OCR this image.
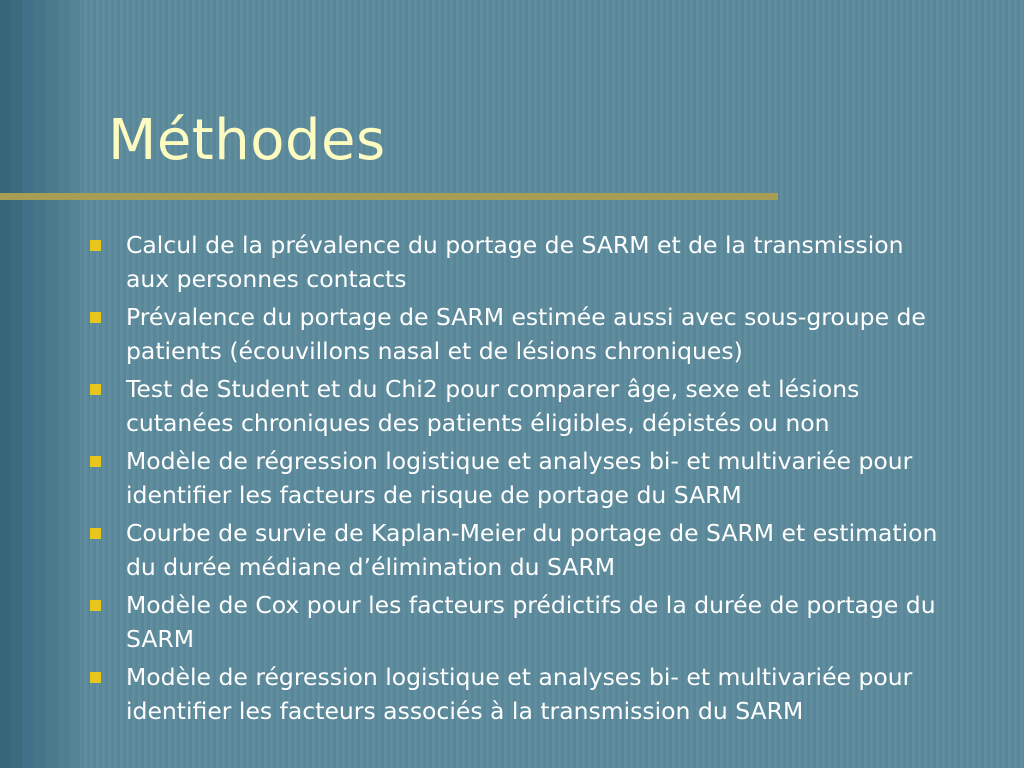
Méthodes
Calcul de la prévalence du portage de SARM et de la transmission aux personnes contacts
Prévalence du portage de SARM estimée aussi avec sous-groupe de patients (écouvillons nasal et de lésions chroniques)
Test de Student et du Chi2 pour comparer âge, sexe et lésions cutanées chroniques des patients éligibles, dépistés ou non
Modèle de régression logistique et analyses bi- et multivariée pour identifier les facteurs de risque de portage du SARM
Courbe de survie de Kaplan-Meier du portage de SARM et estimation du durée médiane d’élimination du SARM
Modèle de Cox pour les facteurs prédictifs de la durée de portage du SARM
Modèle de régression logistique et analyses bi- et multivariée pour identifier les facteurs associés à la transmission du SARM
